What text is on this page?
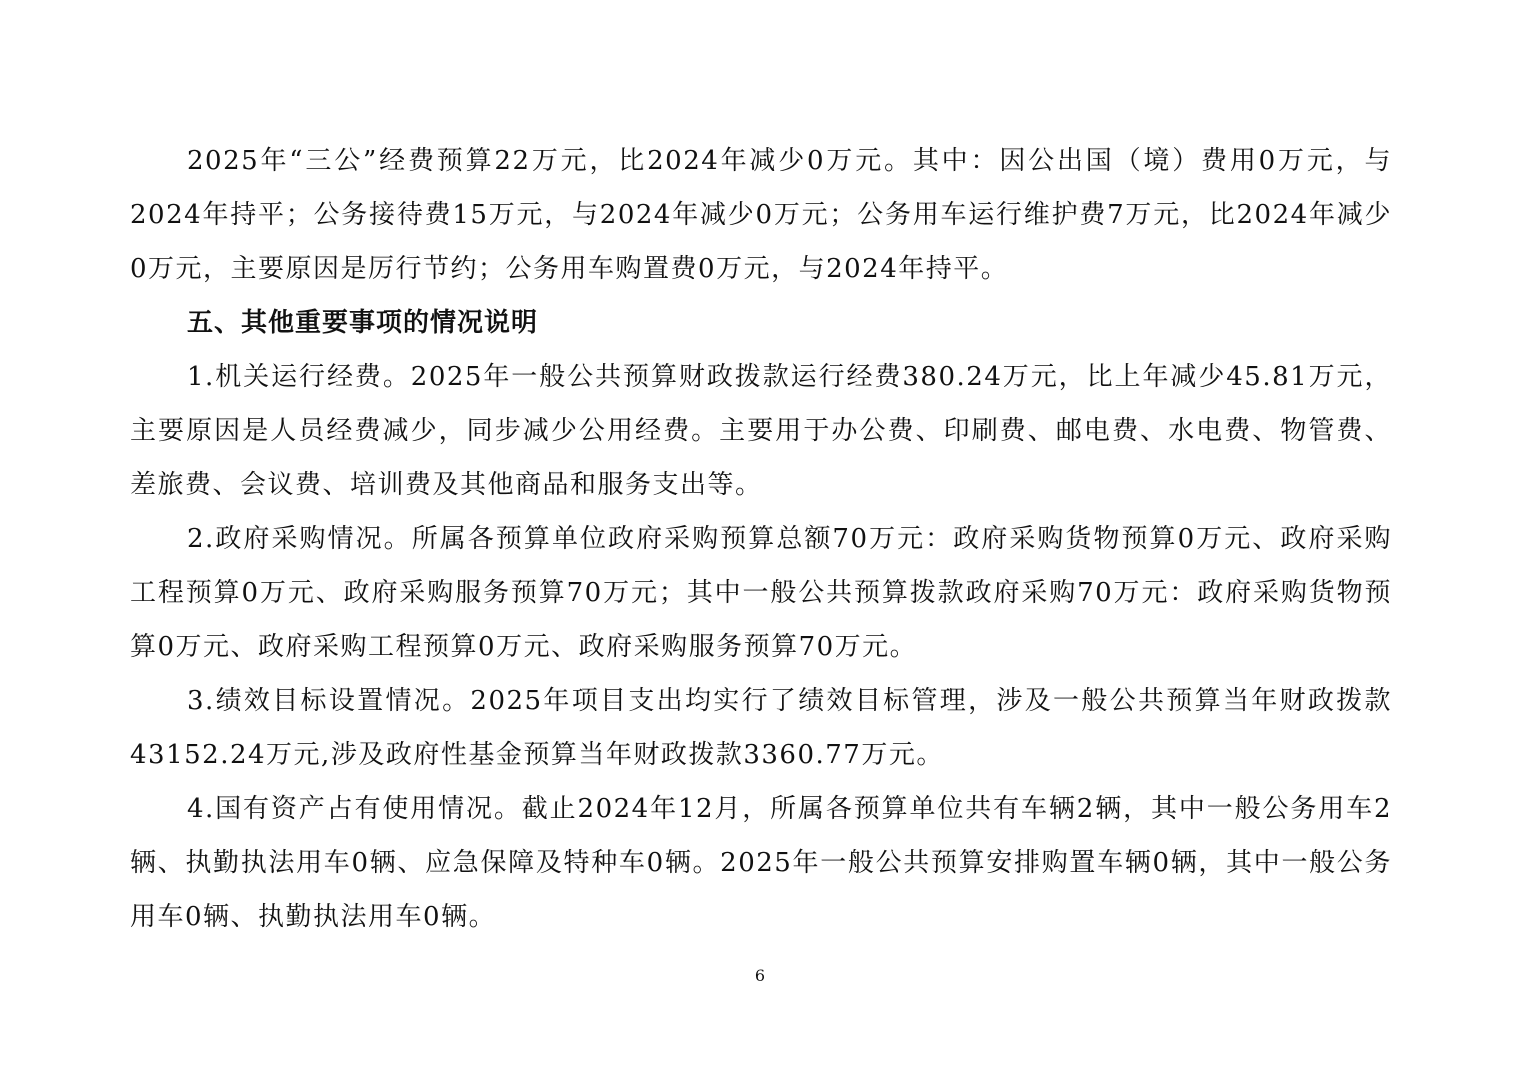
2025年“三公”经费预算22万元，比2024年减少0万元。其中：因公出国（境）费用0万元，与2024年持平；公务接待费15万元，与2024年减少0万元；公务用车运行维护费7万元，比2024年减少0万元，主要原因是厉行节约；公务用车购置费0万元，与2024年持平。

五、其他重要事项的情况说明

1.机关运行经费。2025年一般公共预算财政拨款运行经费380.24万元，比上年减少45.81万元，主要原因是人员经费减少，同步减少公用经费。主要用于办公费、印刷费、邮电费、水电费、物管费、差旅费、会议费、培训费及其他商品和服务支出等。

2.政府采购情况。所属各预算单位政府采购预算总额70万元：政府采购货物预算0万元、政府采购工程预算0万元、政府采购服务预算70万元；其中一般公共预算拨款政府采购70万元：政府采购货物预算0万元、政府采购工程预算0万元、政府采购服务预算70万元。

3.绩效目标设置情况。2025年项目支出均实行了绩效目标管理，涉及一般公共预算当年财政拨款43152.24万元,涉及政府性基金预算当年财政拨款3360.77万元。

4.国有资产占有使用情况。截止2024年12月，所属各预算单位共有车辆2辆，其中一般公务用车2辆、执勤执法用车0辆、应急保障及特种车0辆。2025年一般公共预算安排购置车辆0辆，其中一般公务用车0辆、执勤执法用车0辆。

6
